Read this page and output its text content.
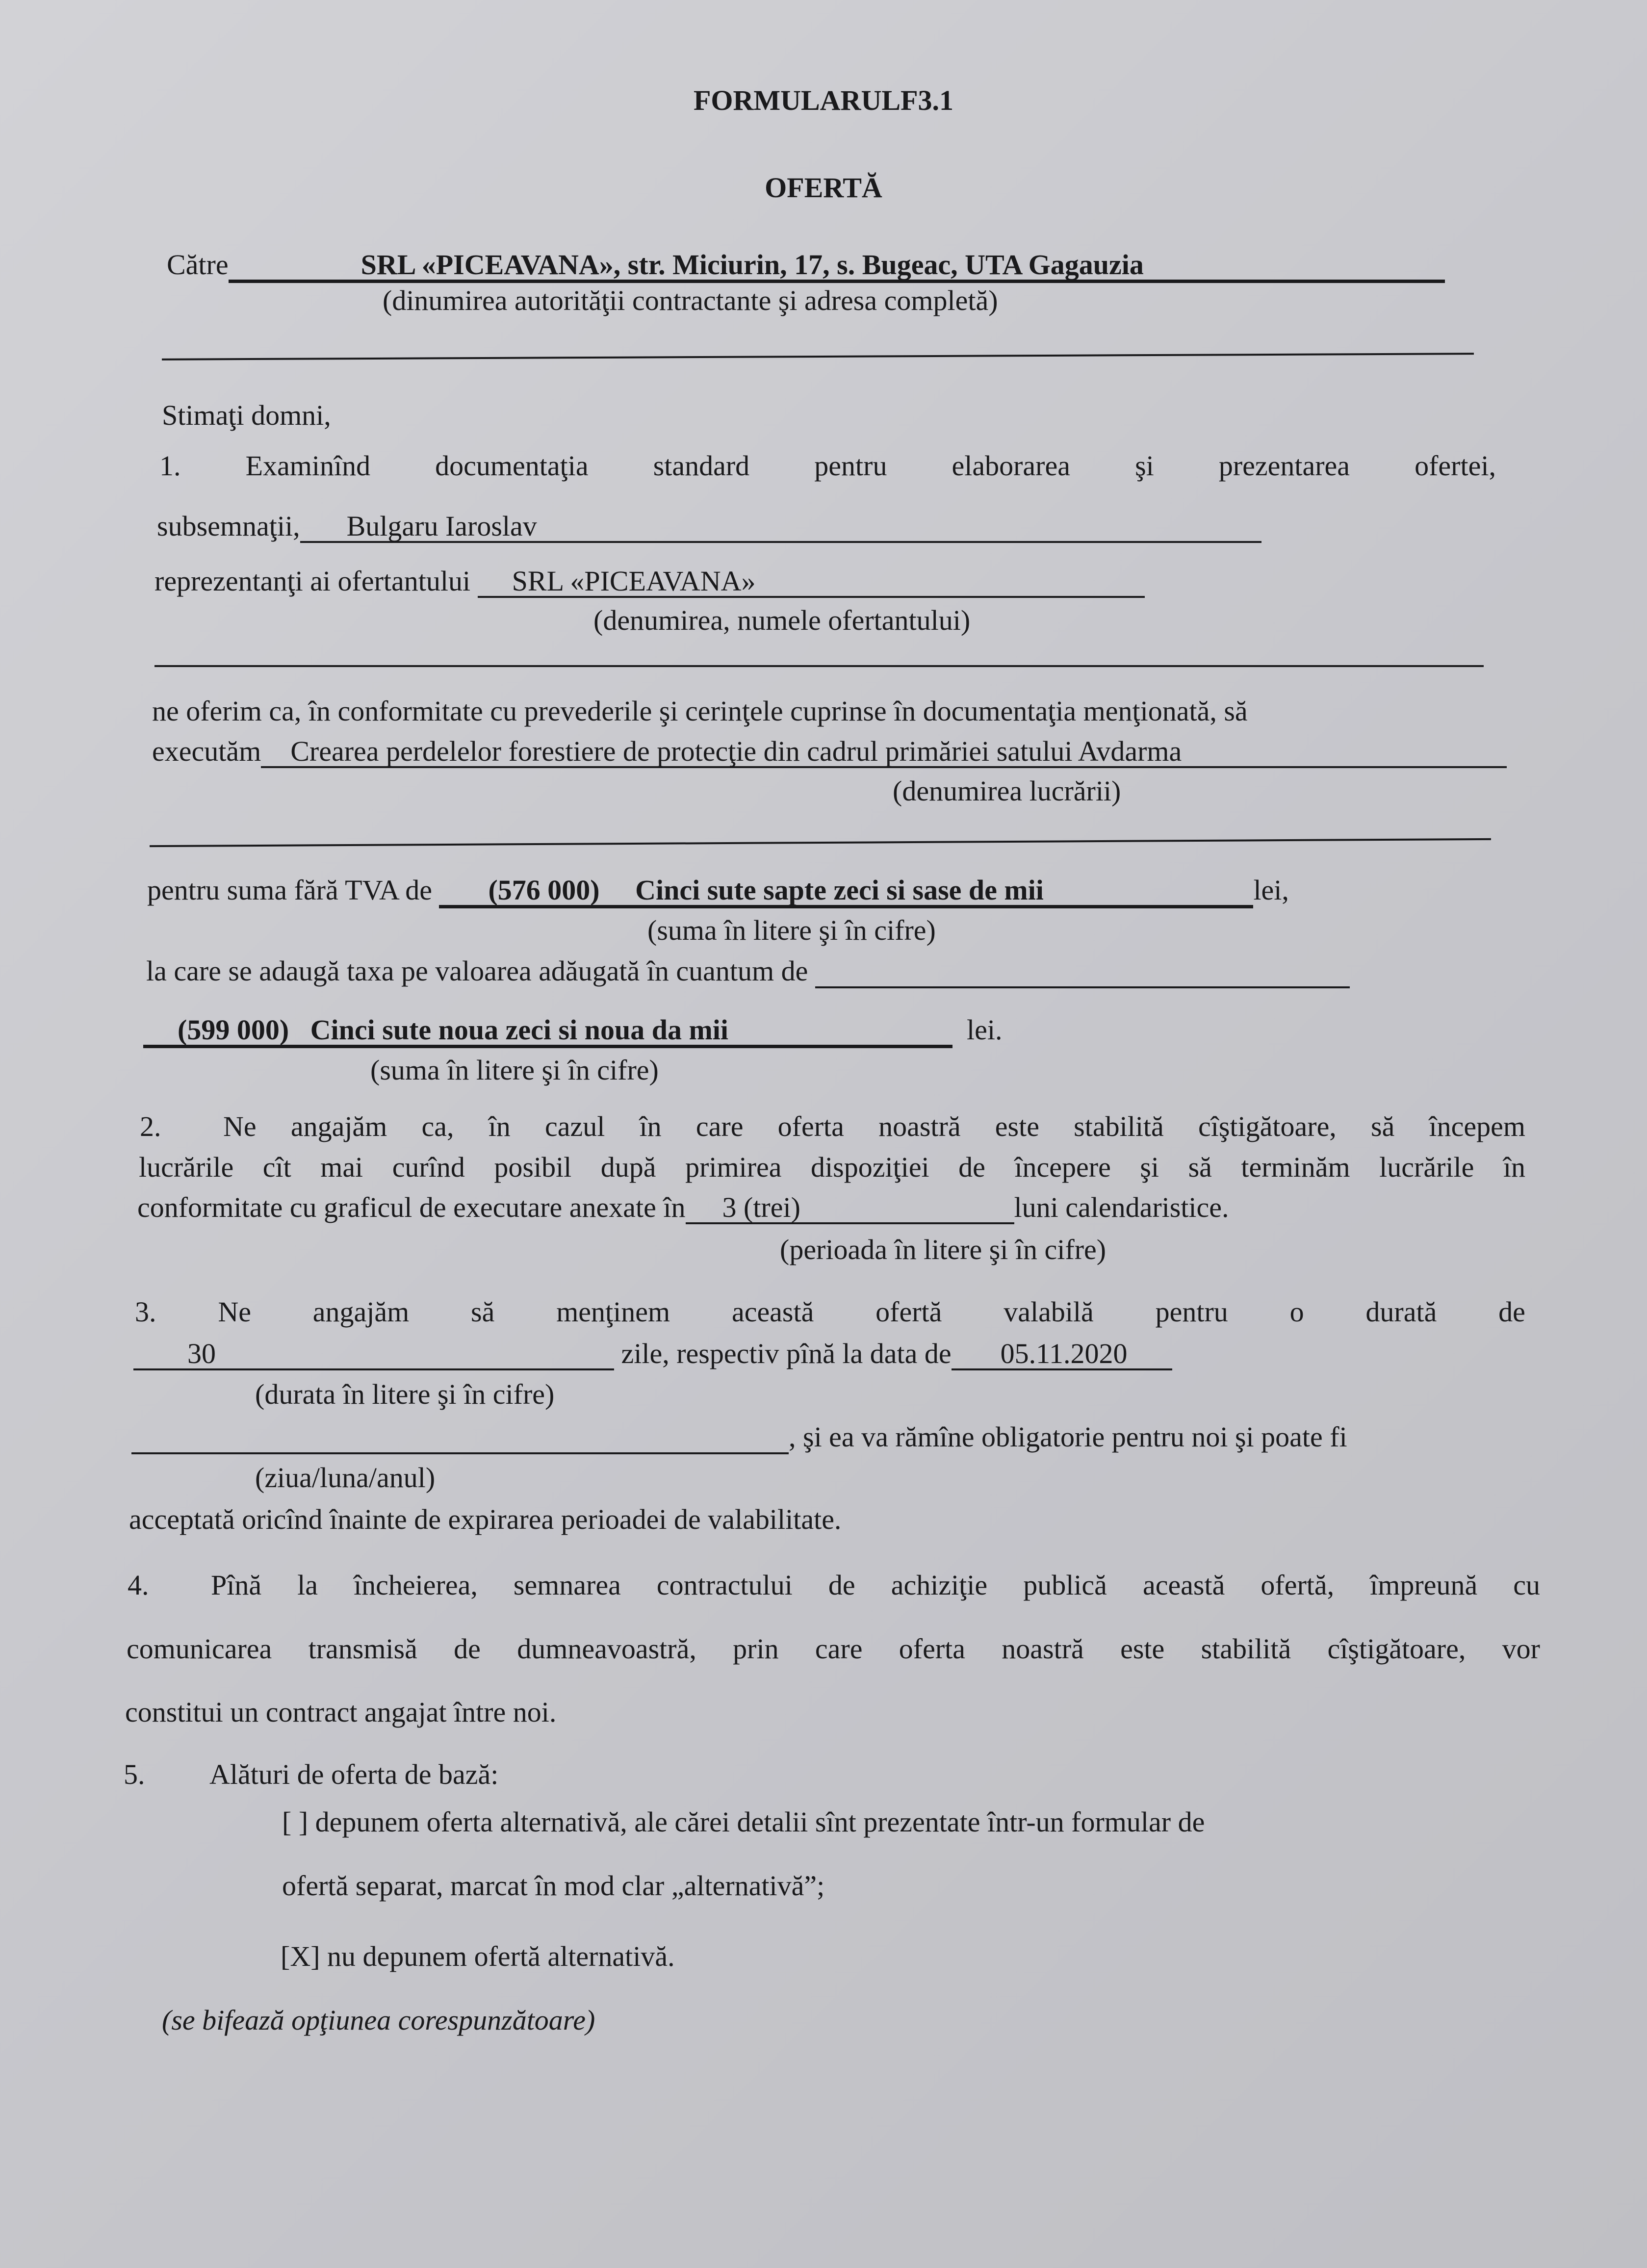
FORMULARULF3.1
OFERTĂ
Către	SRL «PICEAVANA», str. Miciurin, 17, s. Bugeac, UTA Gagauzia
(dinumirea autorităţii contractante şi adresa completă)
Stimaţi domni,
1. Examinînd documentaţia standard pentru elaborarea şi prezentarea ofertei,
subsemnaţii, Bulgaru Iaroslav
reprezentanţi ai ofertantului SRL «PICEAVANA»
(denumirea, numele ofertantului)
ne oferim ca, în conformitate cu prevederile şi cerinţele cuprinse în documentaţia menţionată, să
executăm Crearea perdelelor forestiere de protecţie din cadrul primăriei satului Avdarma
(denumirea lucrării)
pentru suma fără TVA de (576 000) Cinci sute sapte zeci si sase de mii	lei,
(suma în litere şi în cifre)
la care se adaugă taxa pe valoarea adăugată în cuantum de
(599 000) Cinci sute noua zeci si noua da mii	lei.
(suma în litere şi în cifre)
2.	Ne angajăm ca, în cazul în care oferta noastră este stabilită cîştigătoare, să începem
lucrările cît mai curînd posibil după primirea dispoziţiei de începere şi să terminăm lucrările în
conformitate cu graficul de executare anexate în 3 (trei)	luni calendaristice.
(perioada în litere şi în cifre)
3. Ne angajăm să menţinem această ofertă valabilă pentru o durată de
30	zile, respectiv pînă la data de 05.11.2020
(durata în litere şi în cifre)
, şi ea va rămîne obligatorie pentru noi şi poate fi
(ziua/luna/anul)
acceptată oricînd înainte de expirarea perioadei de valabilitate.
4.	Pînă la încheierea, semnarea contractului de achiziţie publică această ofertă, împreună cu
comunicarea transmisă de dumneavoastră, prin care oferta noastră este stabilită cîştigătoare, vor
constitui un contract angajat între noi.
5. Alături de oferta de bază:
[ ] depunem oferta alternativă, ale cărei detalii sînt prezentate într-un formular de
ofertă separat, marcat în mod clar „alternativă”;
[X] nu depunem ofertă alternativă.
(se bifează opţiunea corespunzătoare)
